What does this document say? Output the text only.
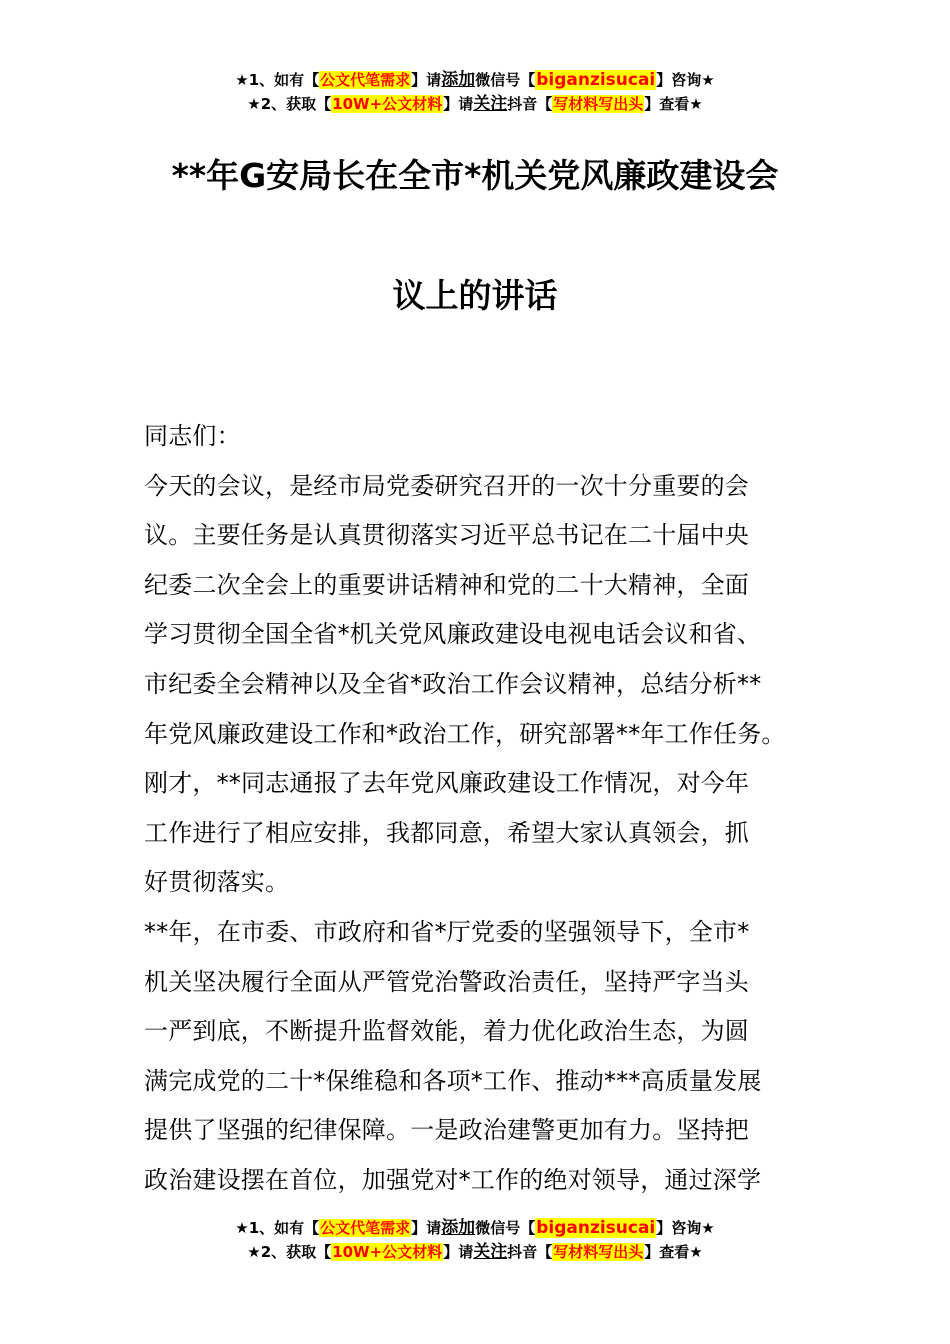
★1、如有【公文代笔需求】请添加微信号【biganzisucai】咨询★
★2、获取【10W+公文材料】请关注抖音【写材料写出头】查看★
**年G安局长在全市*机关党风廉政建设会
议上的讲话

同志们：

今天的会议，是经市局党委研究召开的一次十分重要的会

议。主要任务是认真贯彻落实习近平总书记在二十届中央

纪委二次全会上的重要讲话精神和党的二十大精神，全面

学习贯彻全国全省*机关党风廉政建设电视电话会议和省、

市纪委全会精神以及全省*政治工作会议精神，总结分析**

年党风廉政建设工作和*政治工作，研究部署**年工作任务。

刚才，**同志通报了去年党风廉政建设工作情况，对今年

工作进行了相应安排，我都同意，希望大家认真领会，抓

好贯彻落实。

**年，在市委、市政府和省*厅党委的坚强领导下，全市*

机关坚决履行全面从严管党治警政治责任，坚持严字当头

一严到底，不断提升监督效能，着力优化政治生态，为圆

满完成党的二十*保维稳和各项*工作、推动***高质量发展

提供了坚强的纪律保障。一是政治建警更加有力。坚持把

政治建设摆在首位，加强党对*工作的绝对领导，通过深学

★1、如有【公文代笔需求】请添加微信号【biganzisucai】咨询★
★2、获取【10W+公文材料】请关注抖音【写材料写出头】查看★
